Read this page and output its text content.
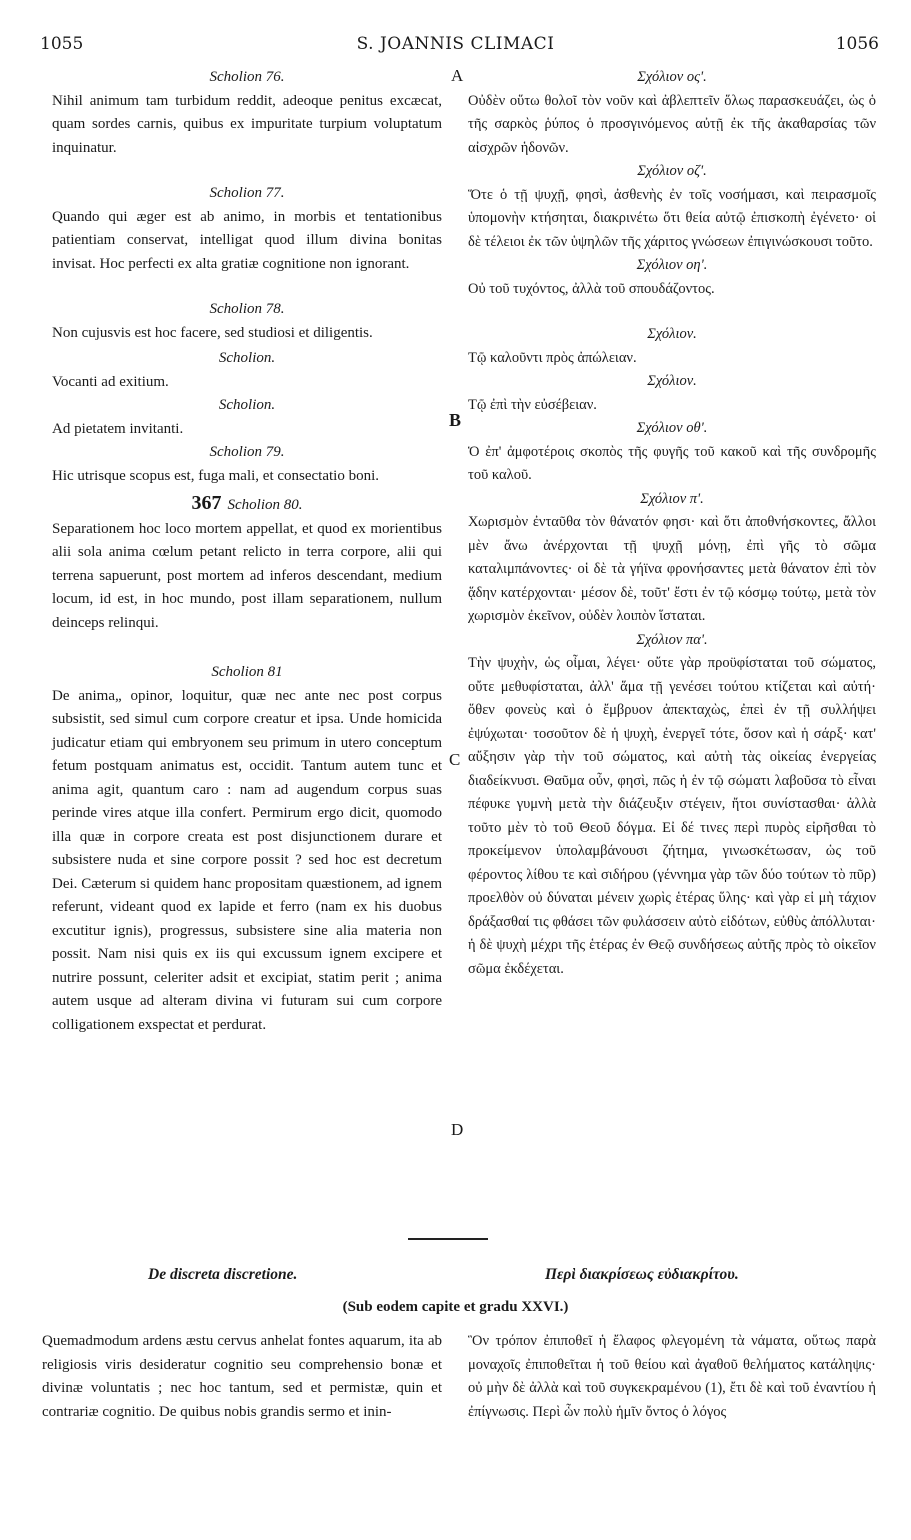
1055	S. JOANNIS CLIMACI	1056
A
B
C
D
Scholion 76.
Nihil animum tam turbidum reddit, adeoque penitus excæcat, quam sordes carnis, quibus ex impuritate turpium voluptatum inquinatur.
Scholion 77.
Quando qui æger est ab animo, in morbis et tentationibus patientiam conservat, intelligat quod illum divina bonitas invisat. Hoc perfecti ex alta gratiæ cognitione non ignorant.
Scholion 78.
Non cujusvis est hoc facere, sed studiosi et diligentis.
Scholion.
Vocanti ad exitium.
Scholion.
Ad pietatem invitanti.
Scholion 79.
Hic utrisque scopus est, fuga mali, et consectatio boni.
367 Scholion 80.
Separationem hoc loco mortem appellat, et quod ex morientibus alii sola anima cœlum petant relicto in terra corpore, alii qui terrena sapuerunt, post mortem ad inferos descendant, medium locum, id est, in hoc mundo, post illam separationem, nullum deinceps relinqui.
Scholion 81
De anima„ opinor, loquitur, quæ nec ante nec post corpus subsistit, sed simul cum corpore creatur et ipsa. Unde homicida judicatur etiam qui embryonem seu primum in utero conceptum fetum postquam animatus est, occidit. Tantum autem tunc et anima agit, quantum caro : nam ad augendum corpus suas perinde vires atque illa confert. Permirum ergo dicit, quomodo illa quæ in corpore creata est post disjunctionem durare et subsistere nuda et sine corpore possit ? sed hoc est decretum Dei. Cæterum si quidem hanc propositam quæstionem, ad ignem referunt, videant quod ex lapide et ferro (nam ex his duobus excutitur ignis), progressus, subsistere sine alia materia non possit. Nam nisi quis ex iis qui excussum ignem excipere et nutrire possunt, celeriter adsit et excipiat, statim perit ; anima autem usque ad alteram divina vi futuram sui cum corpore colligationem exspectat et perdurat.
Σχόλιον ος'.
Οὐδὲν οὕτω θολοῖ τὸν νοῦν καὶ ἀβλεπτεῖν ὅλως παρασκευάζει, ὡς ὁ τῆς σαρκὸς ῥύπος ὁ προσγινόμενος αὐτῇ ἐκ τῆς ἀκαθαρσίας τῶν αἰσχρῶν ἡδονῶν.
Σχόλιον οζ'.
Ὅτε ὁ τῇ ψυχῇ, φησὶ, ἀσθενὴς ἐν τοῖς νοσήμασι, καὶ πειρασμοῖς ὑπομονὴν κτήσηται, διακρινέτω ὅτι θεία αὐτῷ ἐπισκοπὴ ἐγένετο· οἱ δὲ τέλειοι ἐκ τῶν ὑψηλῶν τῆς χάριτος γνώσεων ἐπιγινώσκουσι τοῦτο.
Σχόλιον οη'.
Οὐ τοῦ τυχόντος, ἀλλὰ τοῦ σπουδάζοντος.
Σχόλιον.
Τῷ καλοῦντι πρὸς ἀπώλειαν.
Σχόλιον.
Τῷ ἐπὶ τὴν εὐσέβειαν.
Σχόλιον οθ'.
Ὁ ἐπ' ἀμφοτέροις σκοπὸς τῆς φυγῆς τοῦ κακοῦ καὶ τῆς συνδρομῆς τοῦ καλοῦ.
Σχόλιον π'.
Χωρισμὸν ἐνταῦθα τὸν θάνατόν φησι· καὶ ὅτι ἀποθνήσκοντες, ἄλλοι μὲν ἄνω ἀνέρχονται τῇ ψυχῇ μόνῃ, ἐπὶ γῆς τὸ σῶμα καταλιμπάνοντες· οἱ δὲ τὰ γήϊνα φρονήσαντες μετὰ θάνατον ἐπὶ τὸν ᾅδην κατέρχονται· μέσον δὲ, τοῦτ' ἔστι ἐν τῷ κόσμῳ τούτῳ, μετὰ τὸν χωρισμὸν ἐκεῖνον, οὐδὲν λοιπὸν ἵσταται.
Σχόλιον πα'.
Τὴν ψυχὴν, ὡς οἶμαι, λέγει· οὔτε γὰρ προϋφίσταται τοῦ σώματος, οὔτε μεθυφίσταται, ἀλλ' ἅμα τῇ γενέσει τούτου κτίζεται καὶ αὐτή· ὅθεν φονεὺς καὶ ὁ ἔμβρυον ἀπεκταχὼς, ἐπεὶ ἐν τῇ συλλήψει ἐψύχωται· τοσοῦτον δὲ ἡ ψυχὴ, ἐνεργεῖ τότε, ὅσον καὶ ἡ σάρξ· κατ' αὔξησιν γὰρ τὴν τοῦ σώματος, καὶ αὐτὴ τὰς οἰκείας ἐνεργείας διαδείκνυσι. Θαῦμα οὖν, φησὶ, πῶς ἡ ἐν τῷ σώματι λαβοῦσα τὸ εἶναι πέφυκε γυμνὴ μετὰ τὴν διάζευξιν στέγειν, ἤτοι συνίστασθαι· ἀλλὰ τοῦτο μὲν τὸ τοῦ Θεοῦ δόγμα. Εἰ δέ τινες περὶ πυρὸς εἰρῆσθαι τὸ προκείμενον ὑπολαμβάνουσι ζήτημα, γινωσκέτωσαν, ὡς τοῦ φέροντος λίθου τε καὶ σιδήρου (γέννημα γὰρ τῶν δύο τούτων τὸ πῦρ) προελθὸν οὐ δύναται μένειν χωρὶς ἑτέρας ὕλης· καὶ γὰρ εἰ μὴ τάχιον δράξασθαί τις φθάσει τῶν φυλάσσειν αὐτὸ εἰδότων, εὐθὺς ἀπόλλυται· ἡ δὲ ψυχὴ μέχρι τῆς ἑτέρας ἐν Θεῷ συνδήσεως αὐτῆς πρὸς τὸ οἰκεῖον σῶμα ἐκδέχεται.
De discreta discretione.	Περὶ διακρίσεως εὐδιακρίτου.
(Sub eodem capite et gradu XXVI.)
Quemadmodum ardens æstu cervus anhelat fontes aquarum, ita ab religiosis viris desideratur cognitio seu comprehensio bonæ et divinæ voluntatis ; nec hoc tantum, sed et permistæ, quin et contrariæ cognitio. De quibus nobis grandis sermo et inin-
Ὃν τρόπον ἐπιποθεῖ ἡ ἔλαφος φλεγομένη τὰ νάματα, οὕτως παρὰ μοναχοῖς ἐπιποθεῖται ἡ τοῦ θείου καὶ ἀγαθοῦ θελήματος κατάληψις· οὐ μὴν δὲ ἀλλὰ καὶ τοῦ συγκεκραμένου (1), ἔτι δὲ καὶ τοῦ ἐναντίου ἡ ἐπίγνωσις. Περὶ ὧν πολὺ ἡμῖν ὄντος ὁ λόγος
